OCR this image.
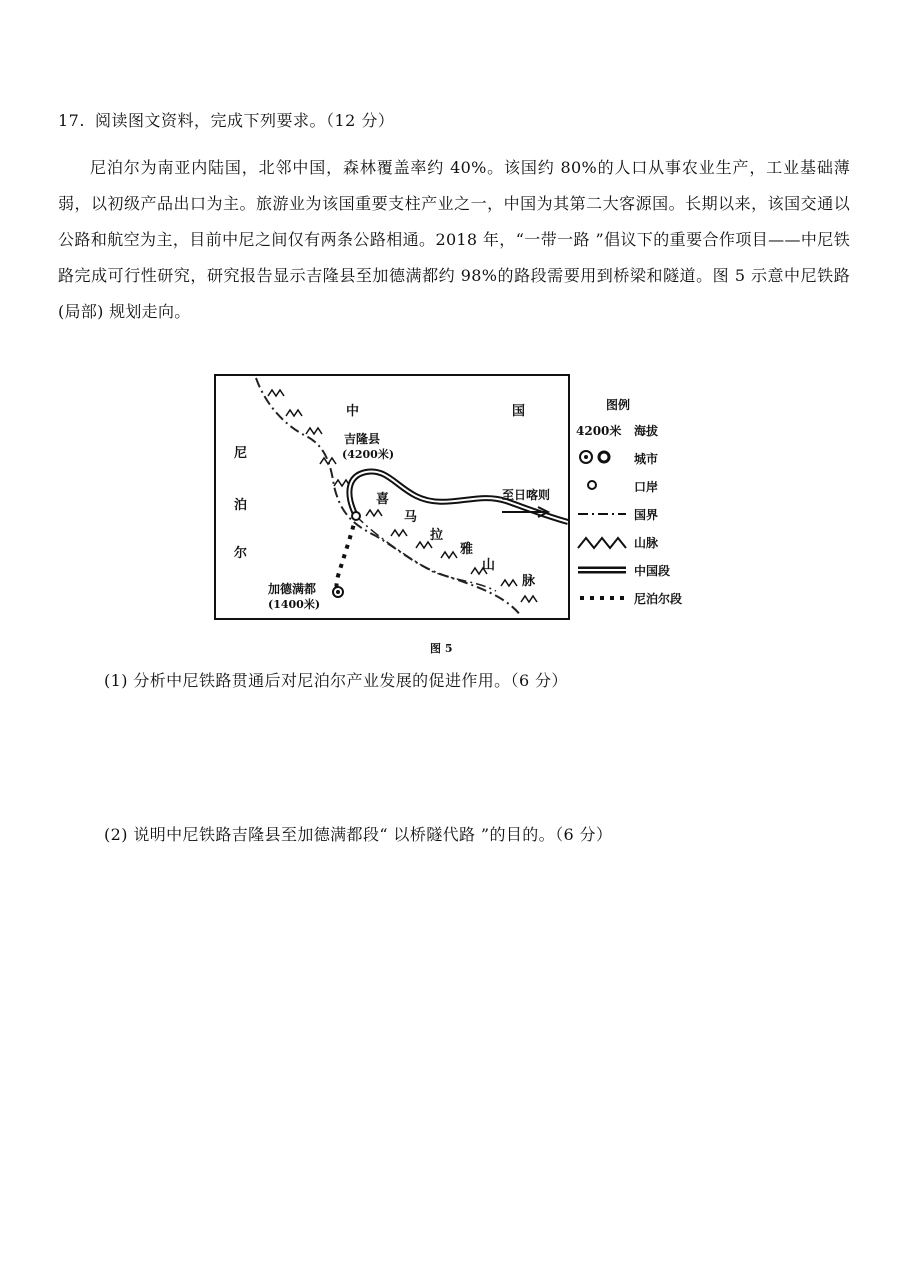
17. 阅读图文资料，完成下列要求。（12 分）
尼泊尔为南亚内陆国，北邻中国，森林覆盖率约 40%。该国约 80%的人口从事农业生产，工业基础薄弱，以初级产品出口为主。旅游业为该国重要支柱产业之一，中国为其第二大客源国。长期以来，该国交通以公路和航空为主，目前中尼之间仅有两条公路相通。2018 年，“一带一路 ”倡议下的重要合作项目——中尼铁路完成可行性研究，研究报告显示吉隆县至加德满都约 98%的路段需要用到桥梁和隧道。图 5 示意中尼铁路(局部) 规划走向。
中	国
尼
泊
尔
吉隆县
(4200米)
喜
马
拉
雅
山
脉
至日喀则
加德满都
(1400米)
图例
4200米 海拔
城市
口岸
国界
山脉
中国段
尼泊尔段
图 5
(1) 分析中尼铁路贯通后对尼泊尔产业发展的促进作用。（6 分）
(2) 说明中尼铁路吉隆县至加德满都段“ 以桥隧代路 ”的目的。（6 分）
